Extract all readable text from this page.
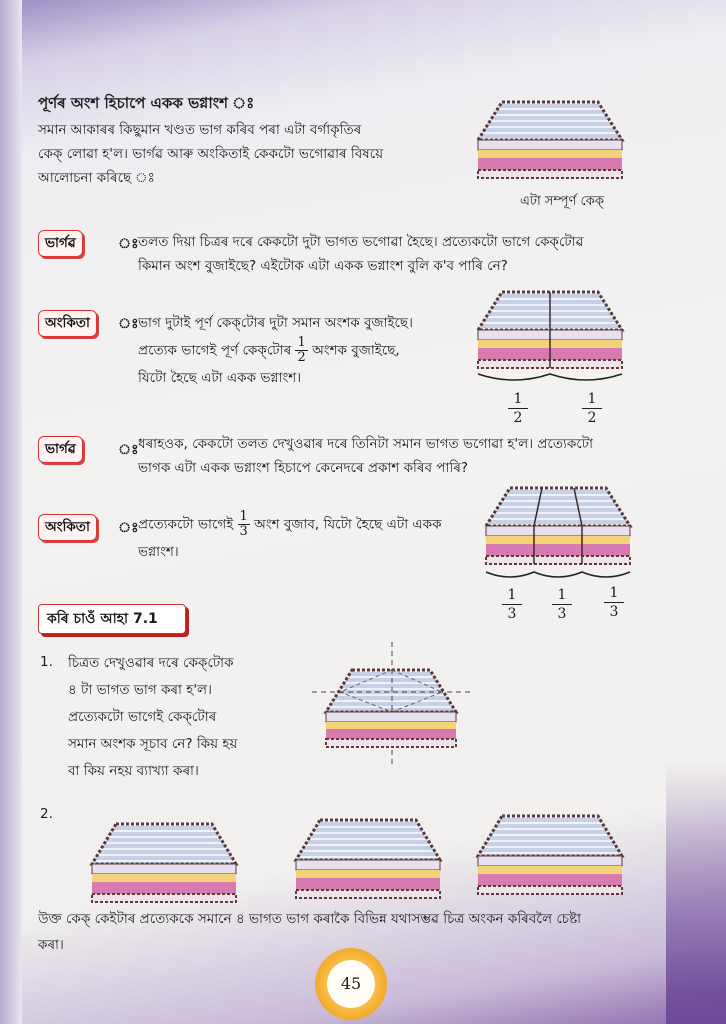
পূৰ্ণৰ অংশ হিচাপে একক ভগ্নাংশ ঃ
সমান আকাৰৰ কিছুমান খণ্ডত ভাগ কৰিব পৰা এটা বৰ্গাকৃতিৰ
কেক্ লোৱা হ'ল। ভাৰ্গৱ আৰু অংকিতাই কেকটো ভগোৱাৰ বিষয়ে
আলোচনা কৰিছে ঃ
এটা সম্পূৰ্ণ কেক্
ভাৰ্গৱ	ঃ তলত দিয়া চিত্ৰৰ দৰে কেকটো দুটা ভাগত ভগোৱা হৈছে। প্ৰত্যেকটো ভাগে কেক্‌টোৱ
কিমান অংশ বুজাইছে? এইটোক এটা একক ভগ্নাংশ বুলি ক'ব পাৰি নে?
অংকিতা	ঃ ভাগ দুটাই পূৰ্ণ কেক্‌টোৰ দুটা সমান অংশক বুজাইছে।
প্ৰত্যেক ভাগেই পূৰ্ণ কেক্‌টোৰ $\frac{1}{2}$ অংশক বুজাইছে,
যিটো হৈছে এটা একক ভগ্নাংশ।
$\frac{1}{2}$	$\frac{1}{2}$
ভাৰ্গৱ	ঃ ধৰাহওক, কেকটো তলত দেখুওৱাৰ দৰে তিনিটা সমান ভাগত ভগোৱা হ'ল। প্ৰত্যেকটো
ভাগক এটা একক ভগ্নাংশ হিচাপে কেনেদৰে প্ৰকাশ কৰিব পাৰি?
অংকিতা	ঃ প্ৰত্যেকটো ভাগেই $\frac{1}{3}$ অংশ বুজাব, যিটো হৈছে এটা একক
ভগ্নাংশ।
$\frac{1}{3} \frac{1}{3} \frac{1}{3}$
কৰি চাওঁ আহা 7.1
1. চিত্ৰত দেখুওৱাৰ দৰে কেক্‌টোক
৪ টা ভাগত ভাগ কৰা হ'ল।
প্ৰত্যেকটো ভাগেই কেক্‌টোৰ
সমান অংশক সূচাব নে? কিয় হয়
বা কিয় নহয় ব্যাখ্যা কৰা।
2.
উক্ত কেক্ কেইটাৰ প্ৰত্যেককে সমানে ৪ ভাগত ভাগ কৰাকৈ বিভিন্ন যথাসম্ভৱ চিত্ৰ অংকন কৰিবলৈ চেষ্টা
কৰা।
45
